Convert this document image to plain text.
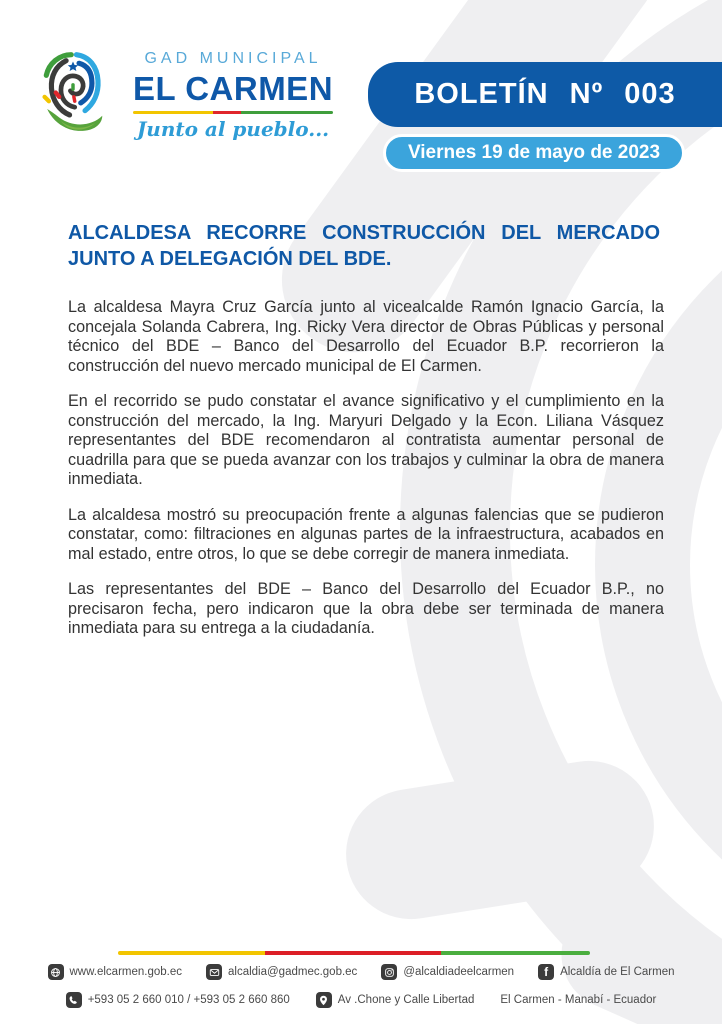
GAD MUNICIPAL
EL CARMEN
Junto al pueblo...
BOLETÍN Nº 003
Viernes 19 de mayo de 2023
ALCALDESA RECORRE CONSTRUCCIÓN DEL MERCADO JUNTO A DELEGACIÓN DEL BDE.

La alcaldesa Mayra Cruz García junto al vicealcalde Ramón Ignacio García, la concejala Solanda Cabrera, Ing. Ricky Vera director de Obras Públicas y personal técnico del BDE – Banco del Desarrollo del Ecuador B.P. recorrieron la construcción del nuevo mercado municipal de El Carmen.

En el recorrido se pudo constatar el avance significativo y el cumplimiento en la construcción del mercado, la Ing. Maryuri Delgado y la Econ. Liliana Vásquez representantes del BDE recomendaron al contratista aumentar personal de cuadrilla para que se pueda avanzar con los trabajos y culminar la obra de manera inmediata.

La alcaldesa mostró su preocupación frente a algunas falencias que se pudieron constatar, como: filtraciones en algunas partes de la infraestructura, acabados en mal estado, entre otros, lo que se debe corregir de manera inmediata.

Las representantes del BDE – Banco del Desarrollo del Ecuador B.P., no precisaron fecha, pero indicaron que la obra debe ser terminada de manera inmediata para su entrega a la ciudadanía.

www.elcarmen.gob.ec	alcaldia@gadmec.gob.ec	@alcaldiadeelcarmen	f Alcaldía de El Carmen
+593 05 2 660 010 / +593 05 2 660 860	Av .Chone y Calle Libertad El Carmen - Manabí - Ecuador
